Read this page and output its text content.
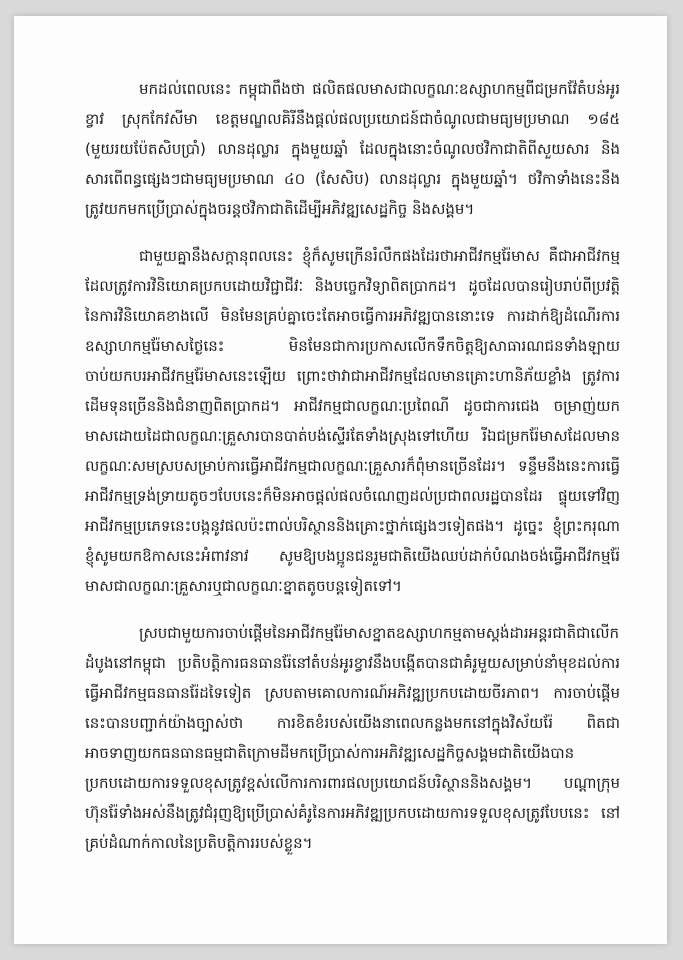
មកដល់ពេលនេះ កម្ពុជាពឹងថា ផលិតផលមាសជាលក្ខណៈឧស្សាហកម្មពីជម្រកវ៉ែតំបន់អូរខ្វាវ ស្រុកកែវសីមា ខេត្តមណ្ឌលគិរីនឹងផ្តល់ផលប្រយោជន៍ជាចំណូលជាមធ្យមប្រមាណ ១៨៥ (មួយរយប៉ែតសិបប្រាំ) លានដុល្លារ ក្នុងមួយឆ្នាំ ដែលក្នុងនោះចំណូលថវិកាជាតិពីសួយសារ និងសារពើពន្ធផ្សេងៗជាមធ្យមប្រមាណ ៤០ (សែសិប) លានដុល្លារ ក្នុងមួយឆ្នាំ។ ថវិកាទាំងនេះនឹងត្រូវយកមកប្រើប្រាស់ក្នុងចរន្តថវិកាជាតិដើម្បីអភិវឌ្ឍសេដ្ឋកិច្ច និងសង្គម។

ជាមួយគ្នានឹងសក្តានុពលនេះ ខ្ញុំក៏សូមក្រើនរំលឹកផងដែរថាអាជីវកម្មរ៉ែមាស គឺជាអាជីវកម្មដែលត្រូវការវិនិយោគប្រកបដោយវិជ្ជាជីវៈ និងបច្ចេកវិទ្យាពិតប្រាកដ។ ដូចដែលបានរៀបរាប់ពីប្រវត្តិនៃការវិនិយោគខាងលើ មិនមែនគ្រប់គ្នាចេះតែអាចធ្វើការអភិវឌ្ឍបាននោះទេ ការដាក់ឱ្យដំណើរការឧស្សាហកម្មរ៉ែមាសថ្ងៃនេះ មិនមែនជាការប្រកាសលើកទឹកចិត្តឱ្យសាធារណជនទាំងឡាយចាប់យកបរអាជីវកម្មរ៉ែមាសនេះឡើយ ព្រោះថាវាជាអាជីវកម្មដែលមានគ្រោះហានិភ័យខ្លាំង ត្រូវការដើមទុនច្រើននិងជំនាញពិតប្រាកដ។ អាជីវកម្មជាលក្ខណៈប្រពៃណី ដូចជាការជេង ចម្រាញ់យកមាសដោយដៃជាលក្ខណៈគ្រួសារបានបាត់បង់ស្ទើរតែទាំងស្រុងទៅហើយ រីឯជម្រករ៉ែមាសដែលមានលក្ខណៈសមស្របសម្រាប់ការធ្វើអាជីវកម្មជាលក្ខណៈគ្រួសារក៏ពុំមានច្រើនដែរ។ ទន្ទឹមនឹងនេះការធ្វើអាជីវកម្មទ្រង់ទ្រាយតូចៗបែបនេះក៏មិនអាចផ្តល់ផលចំណេញដល់ប្រជាពលរដ្ឋបានដែរ ផ្ទុយទៅវិញអាជីវកម្មប្រភេទនេះបង្កនូវផលប៉ះពាល់បរិស្ថាននិងគ្រោះថ្នាក់ផ្សេងៗទៀតផង។ ដូច្នេះ ខ្ញុំព្រះករុណាខ្ញុំសូមយកឱកាសនេះអំពាវនាវ សូមឱ្យបងប្អូនជនរួមជាតិយើងឈប់ដាក់បំណងចង់ធ្វើអាជីវកម្មរ៉ែមាសជាលក្ខណៈគ្រួសារឬជាលក្ខណៈខ្នាតតូចបន្តទៀតទៅ។

ស្របជាមួយការចាប់ផ្តើមនៃអាជីវកម្មរ៉ែមាសខ្នាតឧស្សាហកម្មតាមស្តង់ដារអន្តរជាតិជាលើកដំបូងនៅកម្ពុជា ប្រតិបត្តិការធនធានរ៉ែនៅតំបន់អូរខ្វាវនឹងបង្កើតបានជាគំរូមួយសម្រាប់នាំមុខដល់ការធ្វើអាជីវកម្មធនធានរ៉ែដទៃទៀត ស្របតាមគោលការណ៍អភិវឌ្ឍប្រកបដោយចីរភាព។ ការចាប់ផ្តើមនេះបានបញ្ជាក់យ៉ាងច្បាស់ថា ការខិតខំរបស់យើងនាពេលកន្លងមកនៅក្នុងវិស័យរ៉ែ ពិតជាអាចទាញយកធនធានធម្មជាតិក្រោមដីមកប្រើប្រាស់ការអភិវឌ្ឍសេដ្ឋកិច្ចសង្គមជាតិយើងបានប្រកបដោយការទទួលខុសត្រូវខ្ពស់លើការការពារផលប្រយោជន៍បរិស្ថាននិងសង្គម។ បណ្តាក្រុមហ៊ុនរ៉ែទាំងអស់នឹងត្រូវជំរុញឱ្យប្រើប្រាស់គំរូនៃការអភិវឌ្ឍប្រកបដោយការទទួលខុសត្រូវបែបនេះ នៅគ្រប់ដំណាក់កាលនៃប្រតិបត្តិការរបស់ខ្លួន។
